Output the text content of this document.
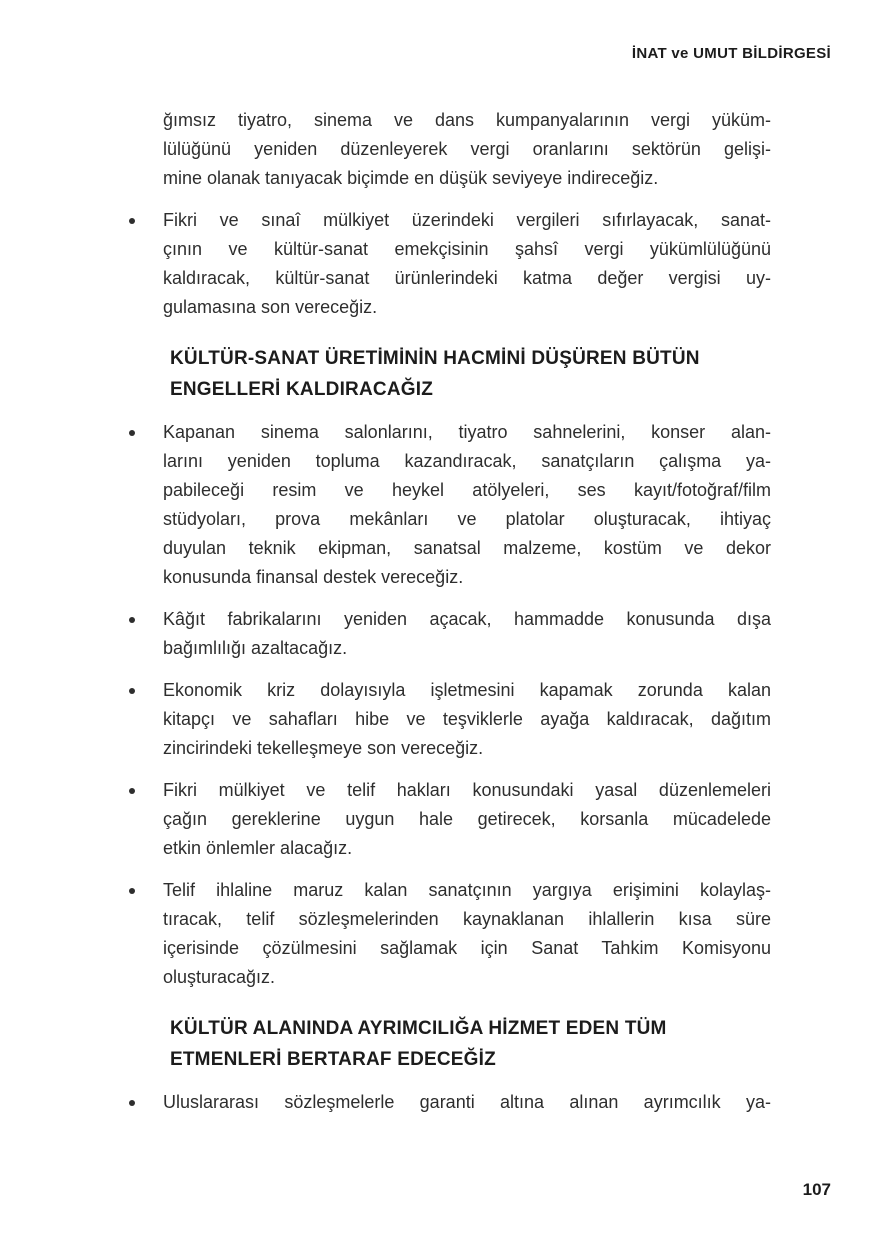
İNAT ve UMUT BİLDİRGESİ
ğımsız tiyatro, sinema ve dans kumpanyalarının vergi yüküm-
lülüğünü yeniden düzenleyerek vergi oranlarını sektörün gelişi-
mine olanak tanıyacak biçimde en düşük seviyeye indireceğiz.
Fikri ve sınaî mülkiyet üzerindeki vergileri sıfırlayacak, sanat-
çının ve kültür-sanat emekçisinin şahsî vergi yükümlülüğünü
kaldıracak, kültür-sanat ürünlerindeki katma değer vergisi uy-
gulamasına son vereceğiz.
KÜLTÜR-SANAT ÜRETİMİNİN HACMİNİ DÜŞÜREN BÜTÜN
ENGELLERİ KALDIRACAĞIZ
Kapanan sinema salonlarını, tiyatro sahnelerini, konser alan-
larını yeniden topluma kazandıracak, sanatçıların çalışma ya-
pabileceği resim ve heykel atölyeleri, ses kayıt/fotoğraf/film
stüdyoları, prova mekânları ve platolar oluşturacak, ihtiyaç
duyulan teknik ekipman, sanatsal malzeme, kostüm ve dekor
konusunda finansal destek vereceğiz.
Kâğıt fabrikalarını yeniden açacak, hammadde konusunda dışa
bağımlılığı azaltacağız.
Ekonomik kriz dolayısıyla işletmesini kapamak zorunda kalan
kitapçı ve sahafları hibe ve teşviklerle ayağa kaldıracak, dağıtım
zincirindeki tekelleşmeye son vereceğiz.
Fikri mülkiyet ve telif hakları konusundaki yasal düzenlemeleri
çağın gereklerine uygun hale getirecek, korsanla mücadelede
etkin önlemler alacağız.
Telif ihlaline maruz kalan sanatçının yargıya erişimini kolaylaş-
tıracak, telif sözleşmelerinden kaynaklanan ihlallerin kısa süre
içerisinde çözülmesini sağlamak için Sanat Tahkim Komisyonu
oluşturacağız.
KÜLTÜR ALANINDA AYRIMCILIĞA HİZMET EDEN TÜM
ETMENLERİ BERTARAF EDECEĞİZ
Uluslararası sözleşmelerle garanti altına alınan ayrımcılık ya-
107
